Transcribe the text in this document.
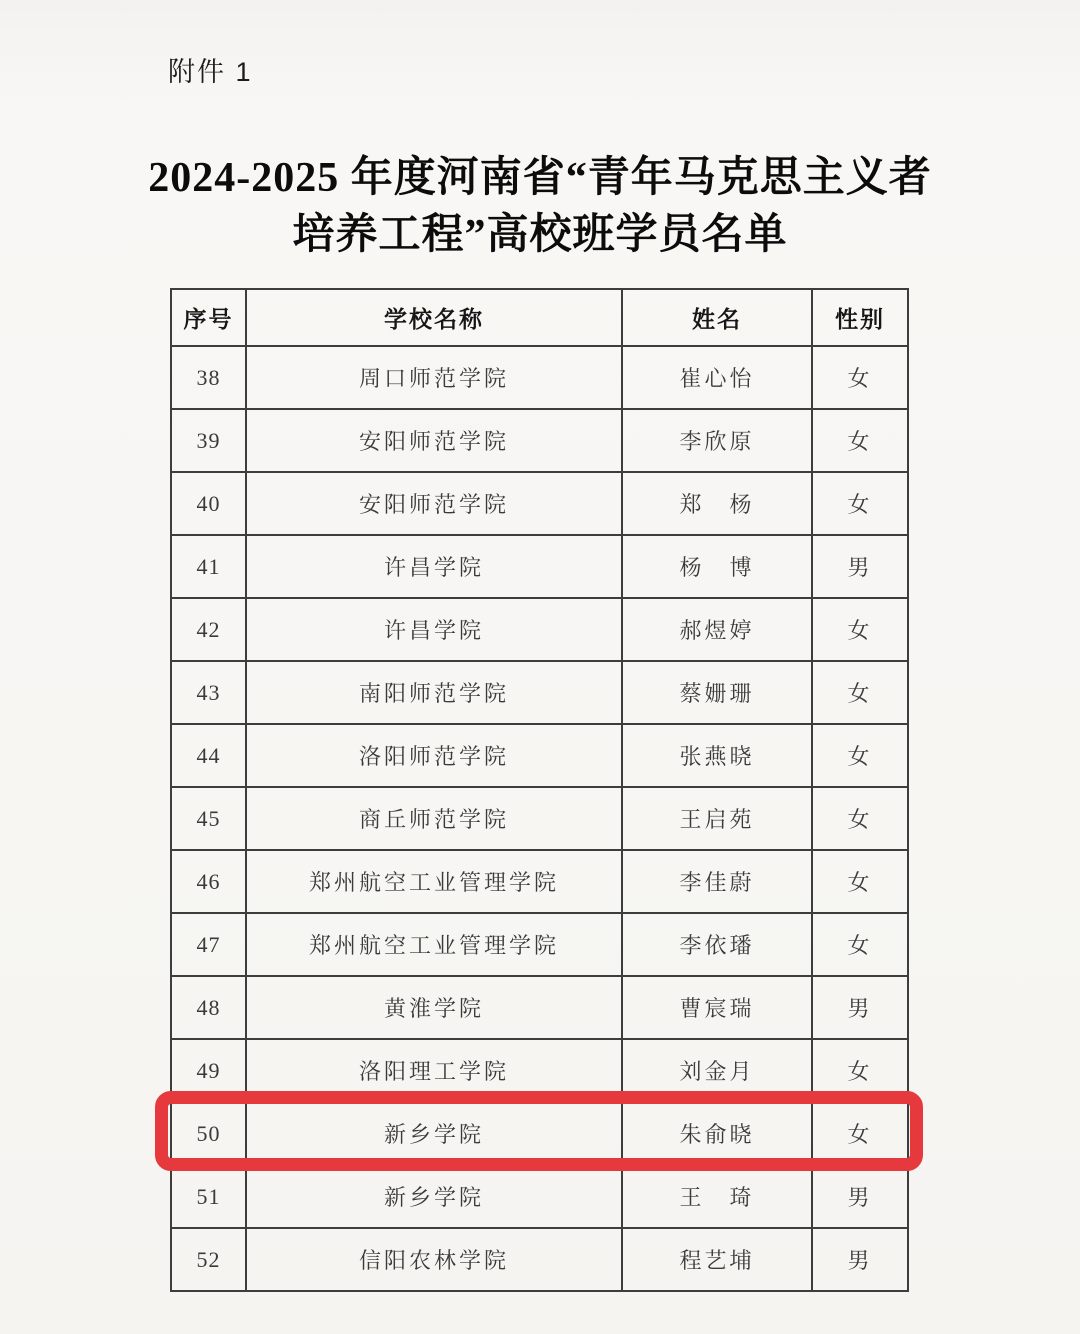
附件 1
2024-2025 年度河南省“青年马克思主义者
培养工程”高校班学员名单
序号	学校名称	姓名	性别
38	周口师范学院	崔心怡	女
39	安阳师范学院	李欣原	女
40	安阳师范学院	郑　杨	女
41	许昌学院	杨　博	男
42	许昌学院	郝煜婷	女
43	南阳师范学院	蔡姗珊	女
44	洛阳师范学院	张燕晓	女
45	商丘师范学院	王启苑	女
46	郑州航空工业管理学院	李佳蔚	女
47	郑州航空工业管理学院	李依璠	女
48	黄淮学院	曹宸瑞	男
49	洛阳理工学院	刘金月	女
50	新乡学院	朱俞晓	女
51	新乡学院	王　琦	男
52	信阳农林学院	程艺埔	男
